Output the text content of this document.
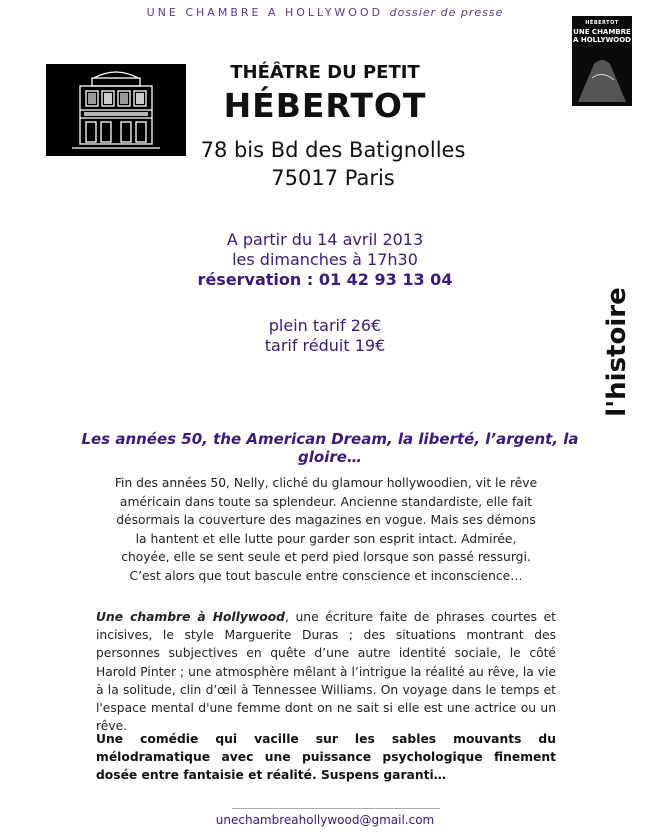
UNE CHAMBRE A HOLLYWOOD dossier de presse
HÉBERTOT
UNE CHAMBRE
A HOLLYWOOD
THÉÂTRE DU PETIT
HÉBERTOT
78 bis Bd des Batignolles
75017 Paris
A partir du 14 avril 2013
les dimanches à 17h30
réservation : 01 42 93 13 04
plein tarif 26€
tarif réduit 19€	l'histoire
Les années 50, the American Dream, la liberté, l’argent, la gloire…
Fin des années 50, Nelly, cliché du glamour hollywoodien, vit le rêve américain dans toute sa splendeur. Ancienne standardiste, elle fait désormais la couverture des magazines en vogue. Mais ses démons la hantent et elle lutte pour garder son esprit intact. Admirée, choyée, elle se sent seule et perd pied lorsque son passé ressurgi. C’est alors que tout bascule entre conscience et inconscience…
Une chambre à Hollywood, une écriture faite de phrases courtes et incisives, le style Marguerite Duras ; des situations montrant des personnes subjectives en quête d’une autre identité sociale, le côté Harold Pinter ; une atmosphère mêlant à l’intrigue la réalité au rêve, la vie à la solitude, clin d’œil à Tennessee Williams. On voyage dans le temps et l'espace mental d'une femme dont on ne sait si elle est une actrice ou un rêve.
Une comédie qui vacille sur les sables mouvants du mélodramatique avec une puissance psychologique finement dosée entre fantaisie et réalité. Suspens garanti…
unechambreahollywood@gmail.com
